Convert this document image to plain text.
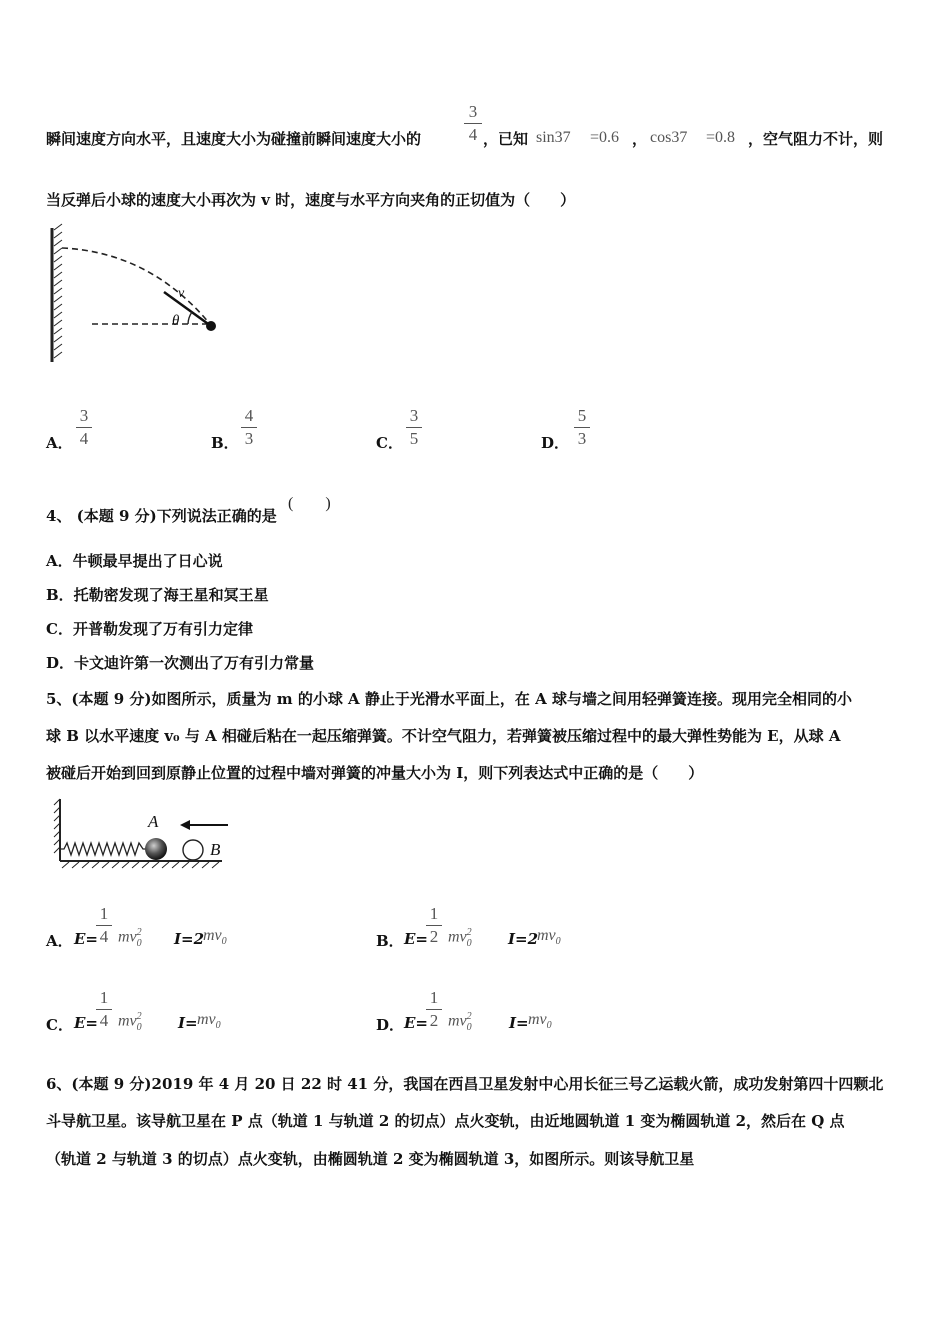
瞬间速度方向水平，且速度大小为碰撞前瞬间速度大小的
3
4 ，已知 sin37 =0.6 ， cos37 =0.8 ，空气阻力不计，则
当反弹后小球的速度大小再次为 v 时，速度与水平方向夹角的正切值为（　　）
v
θ
A．
3
4	B．
4
3	C．
3
5	D．
5
3
4、 (本题 9 分)下列说法正确的是
(　　)
A．牛顿最早提出了日心说
B．托勒密发现了海王星和冥王星
C．开普勒发现了万有引力定律
D．卡文迪许第一次测出了万有引力常量
5、(本题 9 分)如图所示，质量为 m 的小球 A 静止于光滑水平面上，在 A 球与墙之间用轻弹簧连接。现用完全相同的小
球 B 以水平速度 v₀ 与 A 相碰后粘在一起压缩弹簧。不计空气阻力，若弹簧被压缩过程中的最大弹性势能为 E，从球 A
被碰后开始到回到原静止位置的过程中墙对弹簧的冲量大小为 I，则下列表达式中正确的是（　　）
A
B
A． E=
1
4 $mv^2_0$ I=2
$mv_0$	B． E=
1
2 $mv^2_0$ I=2
$mv_0$
C． E=
1
4 $mv^2_0$ $I= mv_0$	D． E=
1
2 $mv^2_0$ $I= mv_0$
6、(本题 9 分)2019 年 4 月 20 日 22 时 41 分，我国在西昌卫星发射中心用长征三号乙运载火箭，成功发射第四十四颗北
斗导航卫星。该导航卫星在 P 点（轨道 1 与轨道 2 的切点）点火变轨，由近地圆轨道 1 变为椭圆轨道 2，然后在 Q 点
（轨道 2 与轨道 3 的切点）点火变轨，由椭圆轨道 2 变为椭圆轨道 3，如图所示。则该导航卫星
